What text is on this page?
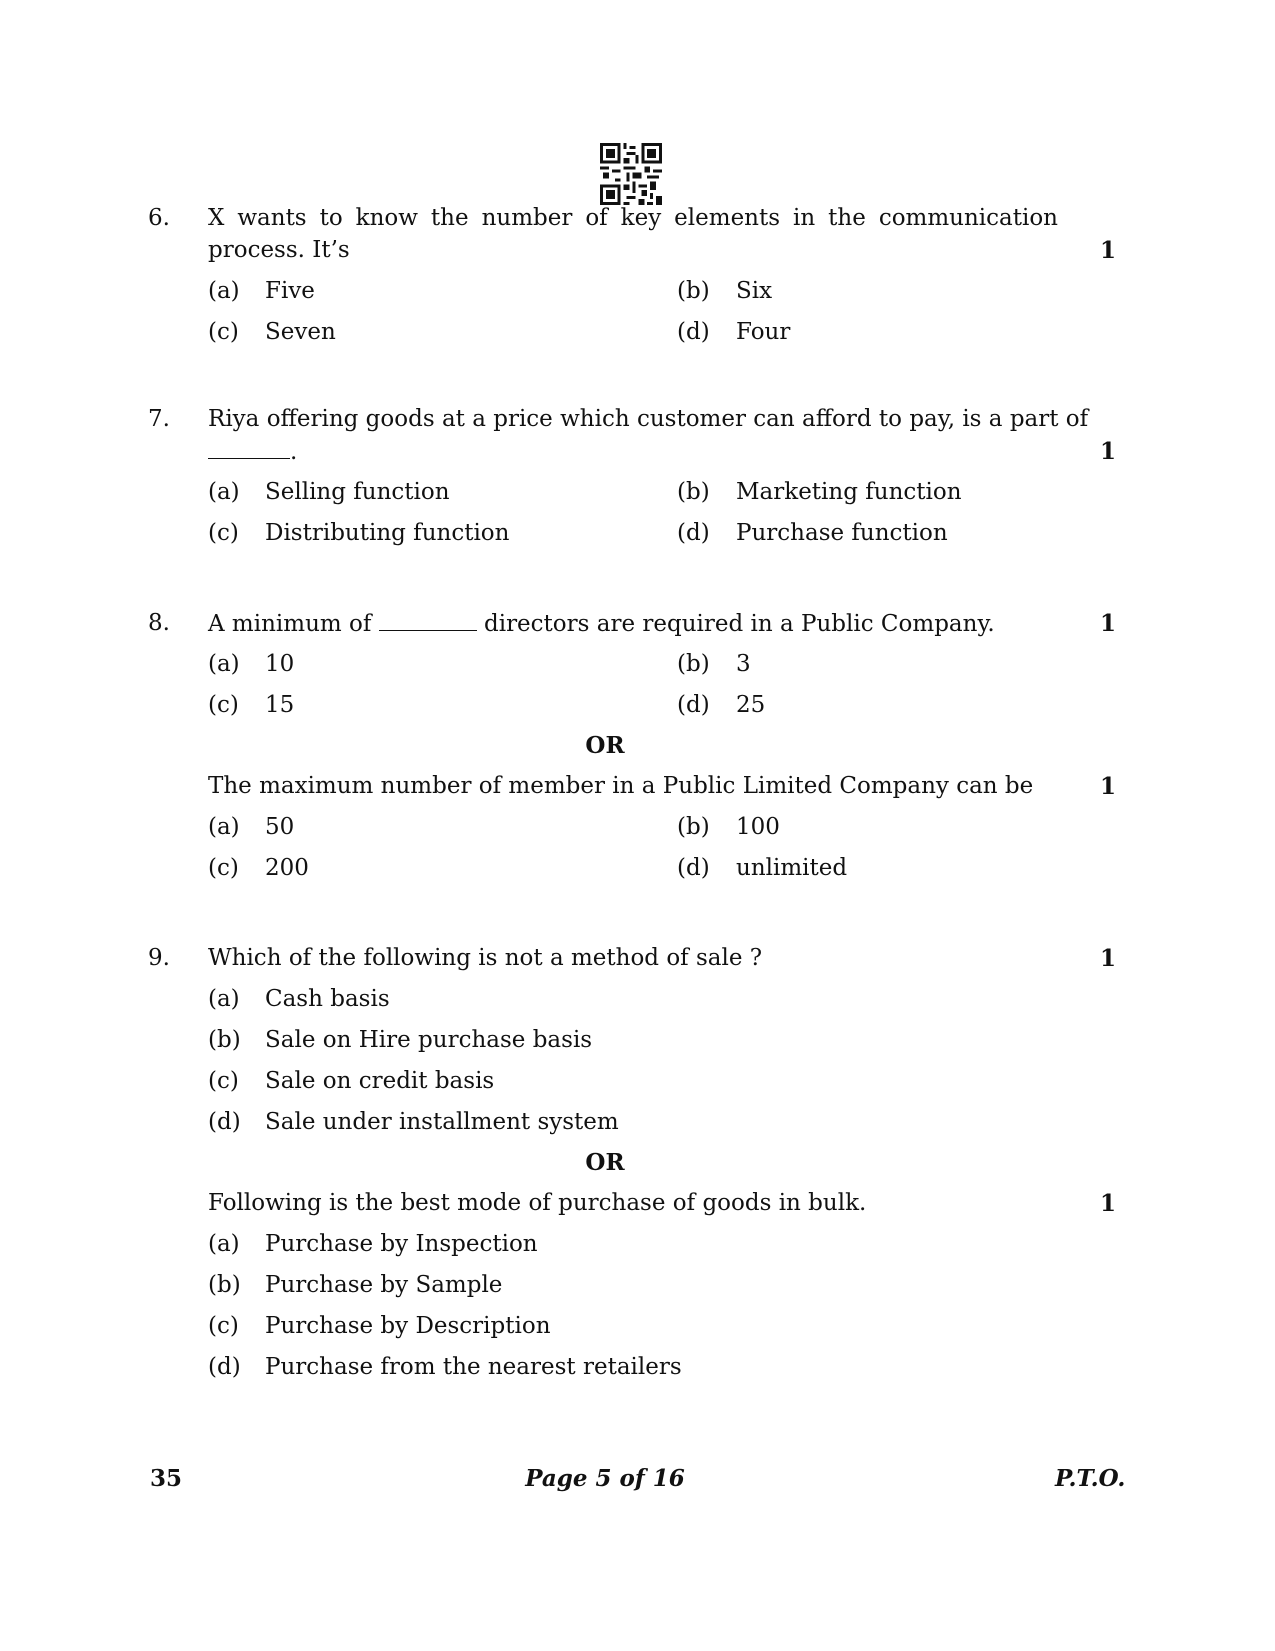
6. X wants to know the number of key elements in the communication
process. It’s	1
(a) Five	(b) Six
(c) Seven	(d) Four
7. Riya offering goods at a price which customer can afford to pay, is a part of
.	1
(a) Selling function	(b) Marketing function
(c) Distributing function	(d) Purchase function
8. A minimum of	directors are required in a Public Company.	1
(a) 10	(b) 3
(c) 15	(d) 25
OR
The maximum number of member in a Public Limited Company can be	1
(a) 50	(b) 100
(c) 200	(d) unlimited
9. Which of the following is not a method of sale ?	1
(a) Cash basis
(b) Sale on Hire purchase basis
(c) Sale on credit basis
(d) Sale under installment system
OR
Following is the best mode of purchase of goods in bulk.	1
(a) Purchase by Inspection
(b) Purchase by Sample
(c) Purchase by Description
(d) Purchase from the nearest retailers
35	Page 5 of 16	P.T.O.
